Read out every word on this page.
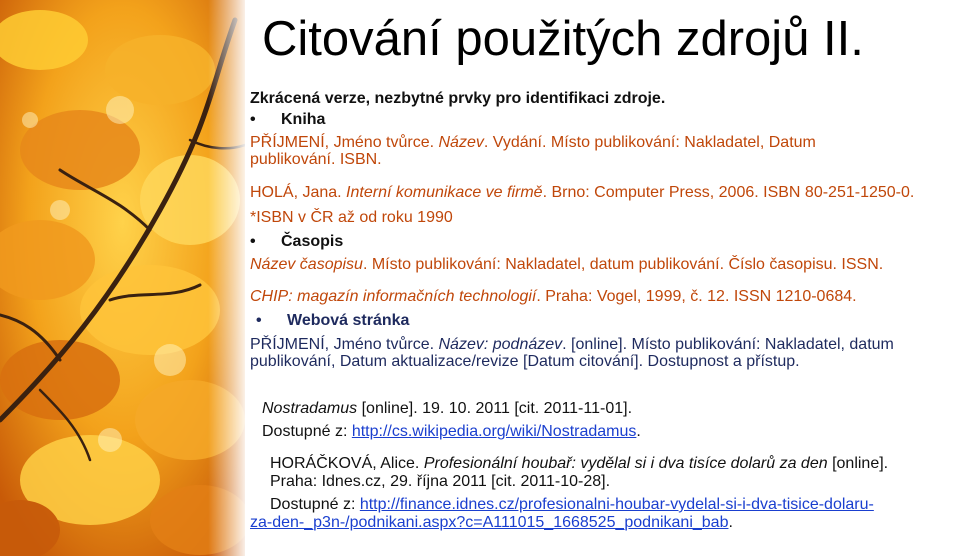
Citování použitých zdrojů II.
Zkrácená verze, nezbytné prvky pro identifikaci zdroje.
• Kniha
PŘÍJMENÍ, Jméno tvůrce. Název. Vydání. Místo publikování: Nakladatel, Datum
publikování. ISBN.
HOLÁ, Jana. Interní komunikace ve firmě. Brno: Computer Press, 2006. ISBN 80-251-1250-0.
*ISBN v ČR až od roku 1990
• Časopis
Název časopisu. Místo publikování: Nakladatel, datum publikování. Číslo časopisu. ISSN.
CHIP: magazín informačních technologií. Praha: Vogel, 1999, č. 12. ISSN 1210-0684.
• Webová stránka
PŘÍJMENÍ, Jméno tvůrce. Název: podnázev. [online]. Místo publikování: Nakladatel, datum
publikování, Datum aktualizace/revize [Datum citování]. Dostupnost a přístup.
Nostradamus [online]. 19. 10. 2011 [cit. 2011-11-01].
Dostupné z: http://cs.wikipedia.org/wiki/Nostradamus.
HORÁČKOVÁ, Alice. Profesionální houbař: vydělal si i dva tisíce dolarů za den [online].
Praha: Idnes.cz, 29. října 2011 [cit. 2011-10-28].
Dostupné z: http://finance.idnes.cz/profesionalni-houbar-vydelal-si-i-dva-tisice-dolaru-
za-den-_p3n-/podnikani.aspx?c=A111015_1668525_podnikani_bab.
